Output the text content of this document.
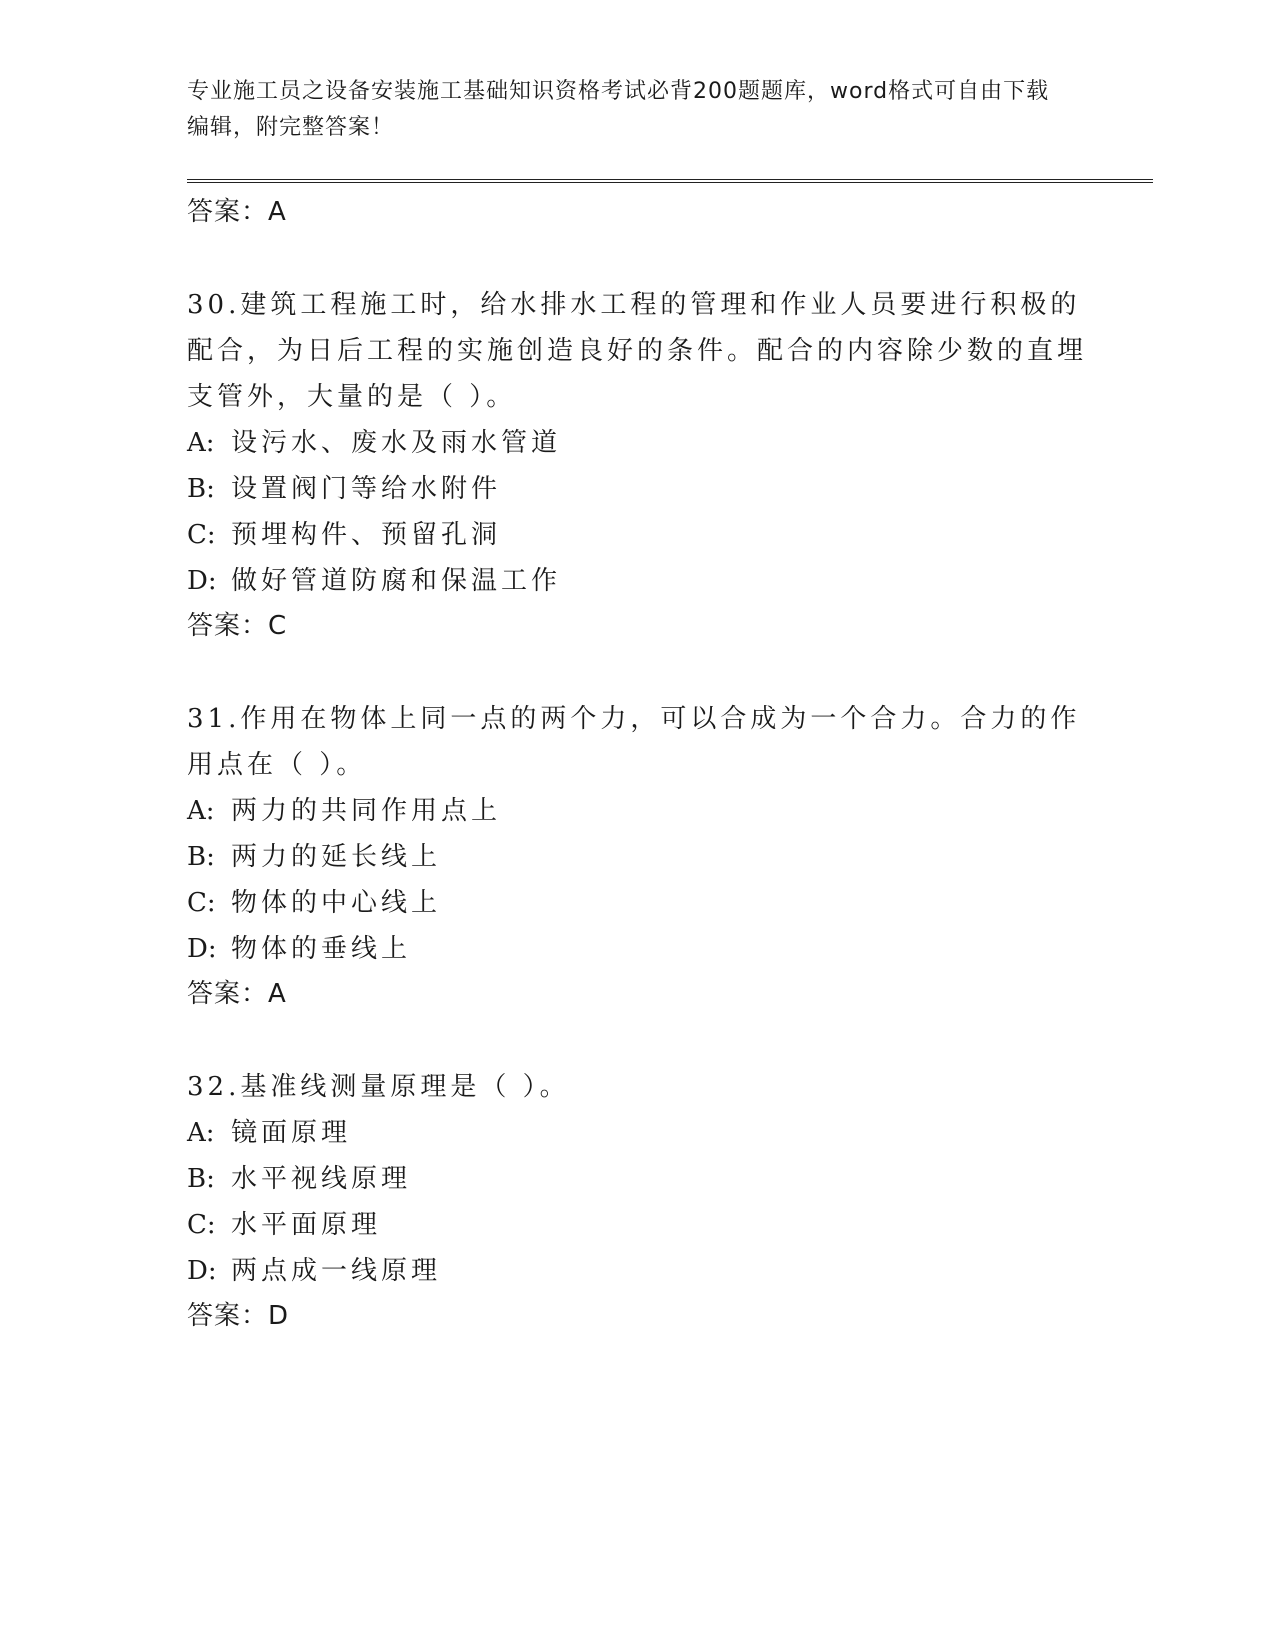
专业施工员之设备安装施工基础知识资格考试必背200题题库，word格式可自由下载编辑，附完整答案！
答案：A
30.建筑工程施工时，给水排水工程的管理和作业人员要进行积极的配合，为日后工程的实施创造良好的条件。配合的内容除少数的直埋支管外，大量的是（ ）。
A: 设污水、废水及雨水管道
B: 设置阀门等给水附件
C: 预埋构件、预留孔洞
D: 做好管道防腐和保温工作
答案：C
31.作用在物体上同一点的两个力，可以合成为一个合力。合力的作用点在（ ）。
A: 两力的共同作用点上
B: 两力的延长线上
C: 物体的中心线上
D: 物体的垂线上
答案：A
32.基准线测量原理是（ ）。
A: 镜面原理
B: 水平视线原理
C: 水平面原理
D: 两点成一线原理
答案：D
